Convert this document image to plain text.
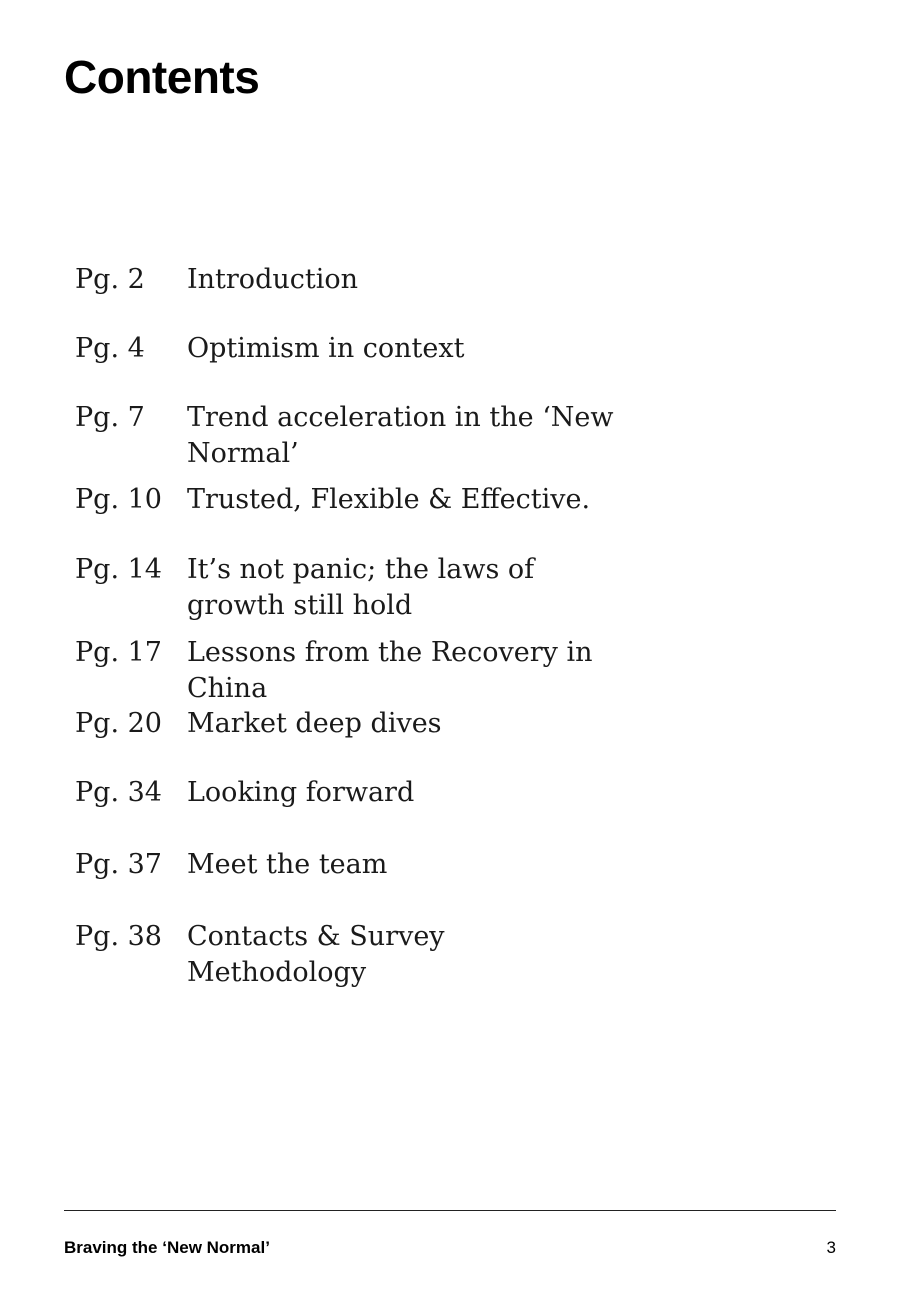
Contents
Pg. 2	Introduction
Pg. 4	Optimism in context
Pg. 7	Trend acceleration in the ‘New Normal’
Pg. 10 Trusted, Flexible & Effective.
Pg. 14 It’s not panic; the laws of growth still hold
Pg. 17 Lessons from the Recovery in China
Pg. 20 Market deep dives
Pg. 34 Looking forward
Pg. 37 Meet the team
Pg. 38 Contacts & Survey Methodology
Braving the ‘New Normal’	3
